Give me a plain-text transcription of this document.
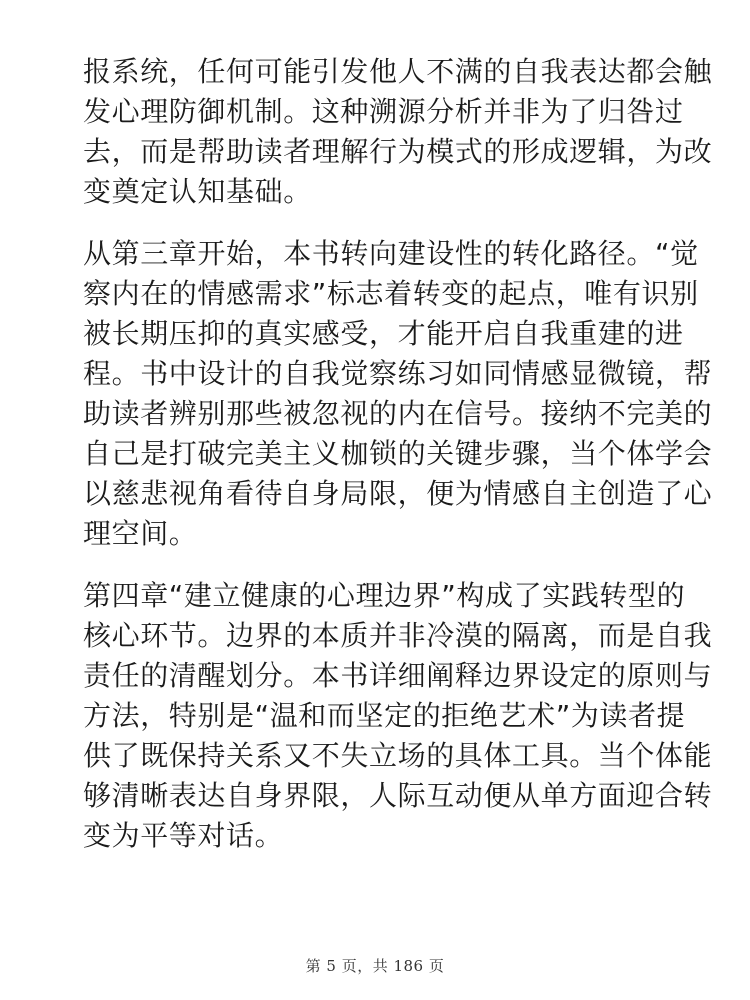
报系统，任何可能引发他人不满的自我表达都会触
发心理防御机制。这种溯源分析并非为了归咎过
去，而是帮助读者理解行为模式的形成逻辑，为改
变奠定认知基础。
从第三章开始，本书转向建设性的转化路径。“觉
察内在的情感需求”标志着转变的起点，唯有识别
被长期压抑的真实感受，才能开启自我重建的进
程。书中设计的自我觉察练习如同情感显微镜，帮
助读者辨别那些被忽视的内在信号。接纳不完美的
自己是打破完美主义枷锁的关键步骤，当个体学会
以慈悲视角看待自身局限，便为情感自主创造了心
理空间。
第四章“建立健康的心理边界”构成了实践转型的
核心环节。边界的本质并非冷漠的隔离，而是自我
责任的清醒划分。本书详细阐释边界设定的原则与
方法，特别是“温和而坚定的拒绝艺术”为读者提
供了既保持关系又不失立场的具体工具。当个体能
够清晰表达自身界限，人际互动便从单方面迎合转
变为平等对话。
第 5 页，共 186 页
